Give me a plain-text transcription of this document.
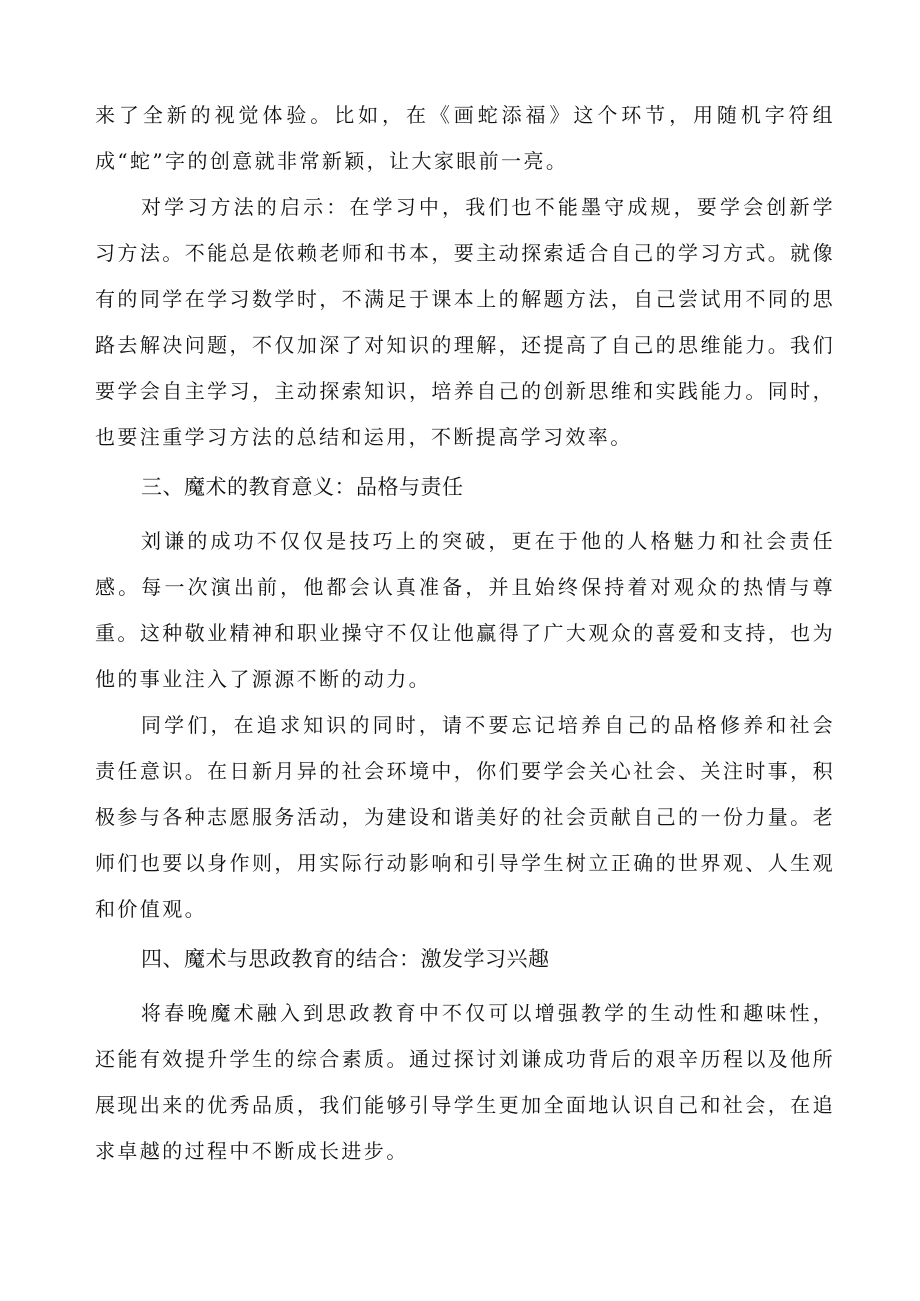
来了全新的视觉体验。比如，在《画蛇添福》这个环节，用随机字符组成“蛇”字的创意就非常新颖，让大家眼前一亮。

对学习方法的启示：在学习中，我们也不能墨守成规，要学会创新学习方法。不能总是依赖老师和书本，要主动探索适合自己的学习方式。就像有的同学在学习数学时，不满足于课本上的解题方法，自己尝试用不同的思路去解决问题，不仅加深了对知识的理解，还提高了自己的思维能力。我们要学会自主学习，主动探索知识，培养自己的创新思维和实践能力。同时，也要注重学习方法的总结和运用，不断提高学习效率。

三、魔术的教育意义：品格与责任

刘谦的成功不仅仅是技巧上的突破，更在于他的人格魅力和社会责任感。每一次演出前，他都会认真准备，并且始终保持着对观众的热情与尊重。这种敬业精神和职业操守不仅让他赢得了广大观众的喜爱和支持，也为他的事业注入了源源不断的动力。

同学们，在追求知识的同时，请不要忘记培养自己的品格修养和社会责任意识。在日新月异的社会环境中，你们要学会关心社会、关注时事，积极参与各种志愿服务活动，为建设和谐美好的社会贡献自己的一份力量。老师们也要以身作则，用实际行动影响和引导学生树立正确的世界观、人生观和价值观。

四、魔术与思政教育的结合：激发学习兴趣

将春晚魔术融入到思政教育中不仅可以增强教学的生动性和趣味性，还能有效提升学生的综合素质。通过探讨刘谦成功背后的艰辛历程以及他所展现出来的优秀品质，我们能够引导学生更加全面地认识自己和社会，在追求卓越的过程中不断成长进步。
